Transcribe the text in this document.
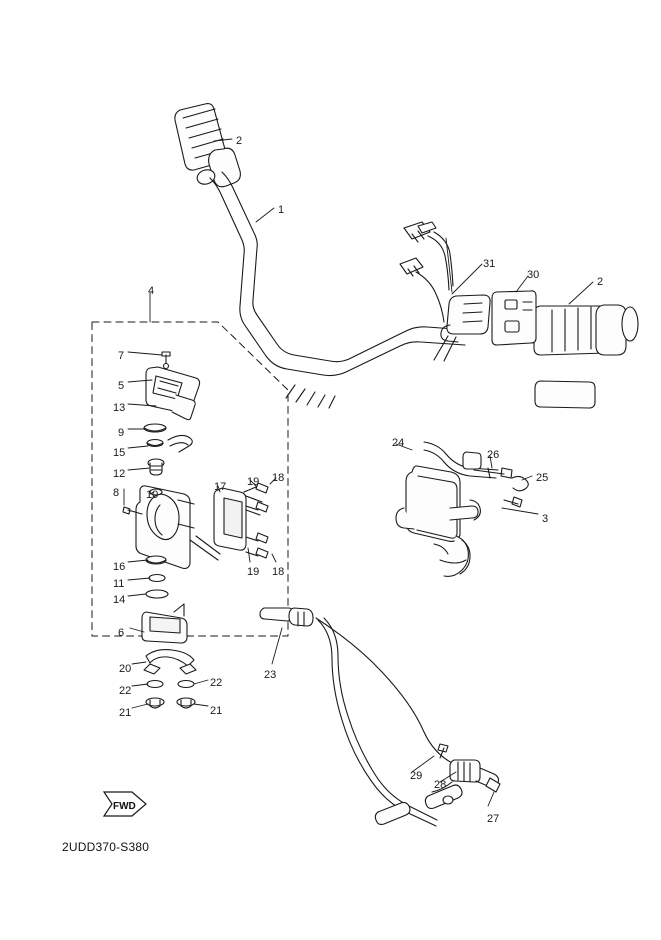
FWD
2UDD370-S380
2
1
31
30
2
4
7
5
13
9
15
12
24
26
25
8 10
17 19 18
3
16
11
14
19 18
6
20
22
22
21	21
23
29
28
27
